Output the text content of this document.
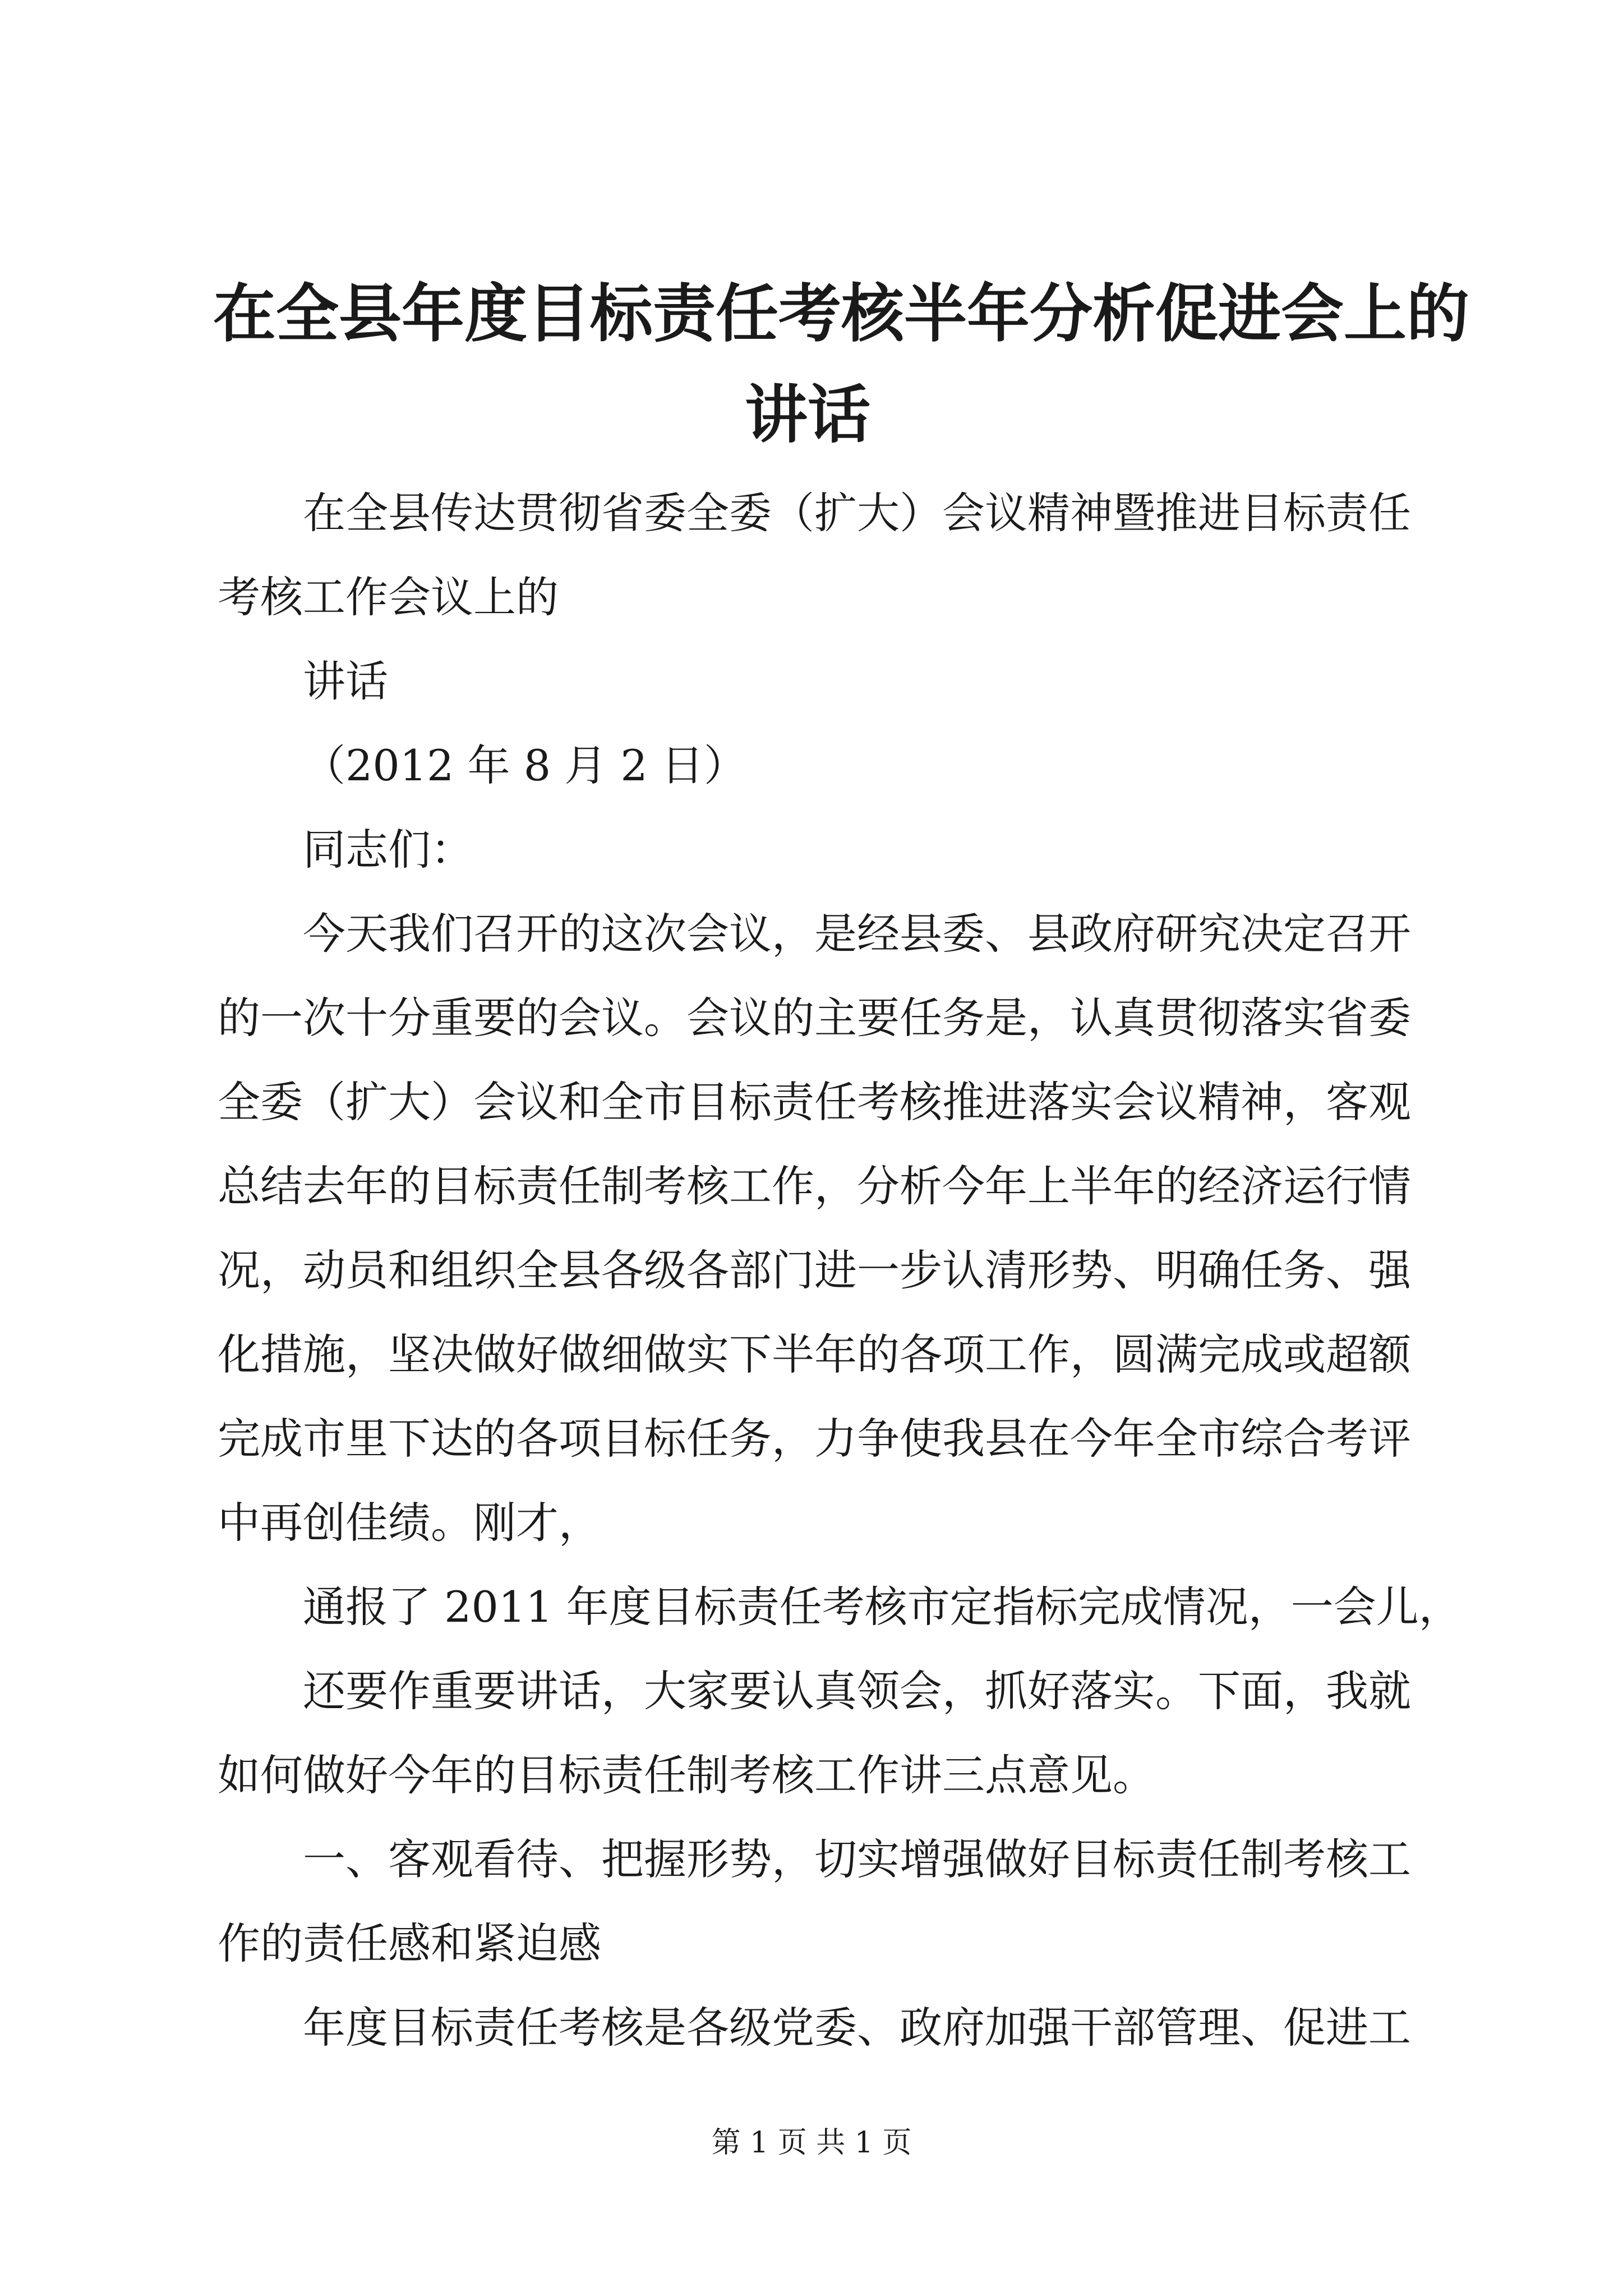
在全县年度目标责任考核半年分析促进会上的
讲话
在全县传达贯彻省委全委（扩大）会议精神暨推进目标责任
考核工作会议上的
讲话
（2012 年 8 月 2 日）
同志们：
今天我们召开的这次会议，是经县委、县政府研究决定召开
的一次十分重要的会议。会议的主要任务是，认真贯彻落实省委
全委（扩大）会议和全市目标责任考核推进落实会议精神，客观
总结去年的目标责任制考核工作，分析今年上半年的经济运行情
况，动员和组织全县各级各部门进一步认清形势、明确任务、强
化措施，坚决做好做细做实下半年的各项工作，圆满完成或超额
完成市里下达的各项目标任务，力争使我县在今年全市综合考评
中再创佳绩。刚才，
通报了 2011 年度目标责任考核市定指标完成情况，一会儿，
还要作重要讲话，大家要认真领会，抓好落实。下面，我就
如何做好今年的目标责任制考核工作讲三点意见。
一、客观看待、把握形势，切实增强做好目标责任制考核工
作的责任感和紧迫感
年度目标责任考核是各级党委、政府加强干部管理、促进工
第 1 页 共 1 页
